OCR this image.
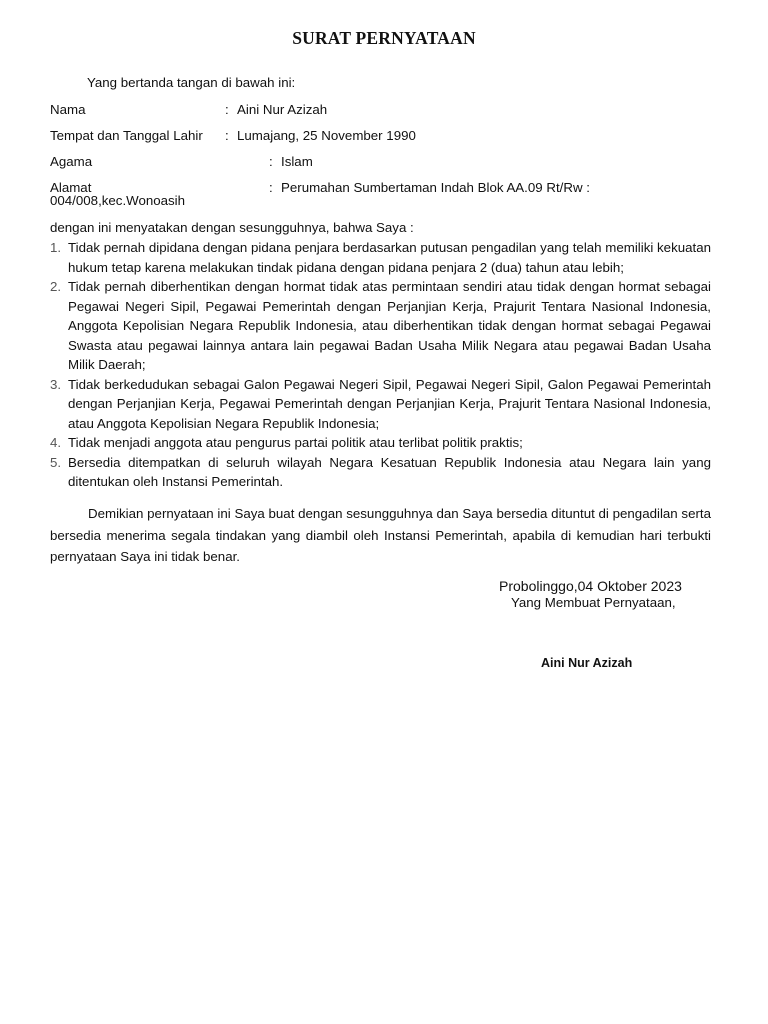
SURAT PERNYATAAN
Yang bertanda tangan di bawah ini:
Nama	: Aini Nur Azizah
Tempat dan Tanggal Lahir : Lumajang, 25 November 1990
Agama	: Islam
Alamat	: Perumahan Sumbertaman Indah Blok AA.09 Rt/Rw :
004/008,kec.Wonoasih
dengan ini menyatakan dengan sesungguhnya, bahwa Saya :
1. Tidak pernah dipidana dengan pidana penjara berdasarkan putusan pengadilan yang telah memiliki kekuatan hukum tetap karena melakukan tindak pidana dengan pidana penjara 2 (dua) tahun atau lebih;
2. Tidak pernah diberhentikan dengan hormat tidak atas permintaan sendiri atau tidak dengan hormat sebagai Pegawai Negeri Sipil, Pegawai Pemerintah dengan Perjanjian Kerja, Prajurit Tentara Nasional Indonesia, Anggota Kepolisian Negara Republik Indonesia, atau diberhentikan tidak dengan hormat sebagai Pegawai Swasta atau pegawai lainnya antara lain pegawai Badan Usaha Milik Negara atau pegawai Badan Usaha Milik Daerah;
3. Tidak berkedudukan sebagai Galon Pegawai Negeri Sipil, Pegawai Negeri Sipil, Galon Pegawai Pemerintah dengan Perjanjian Kerja, Pegawai Pemerintah dengan Perjanjian Kerja, Prajurit Tentara Nasional Indonesia, atau Anggota Kepolisian Negara Republik Indonesia;
4. Tidak menjadi anggota atau pengurus partai politik atau terlibat politik praktis;
5. Bersedia ditempatkan di seluruh wilayah Negara Kesatuan Republik Indonesia atau Negara lain yang ditentukan oleh Instansi Pemerintah.

Demikian pernyataan ini Saya buat dengan sesungguhnya dan Saya bersedia dituntut di pengadilan serta bersedia menerima segala tindakan yang diambil oleh Instansi Pemerintah, apabila di kemudian hari terbukti pernyataan Saya ini tidak benar.

Probolinggo,04 Oktober 2023
Yang Membuat Pernyataan,
Aini Nur Azizah
